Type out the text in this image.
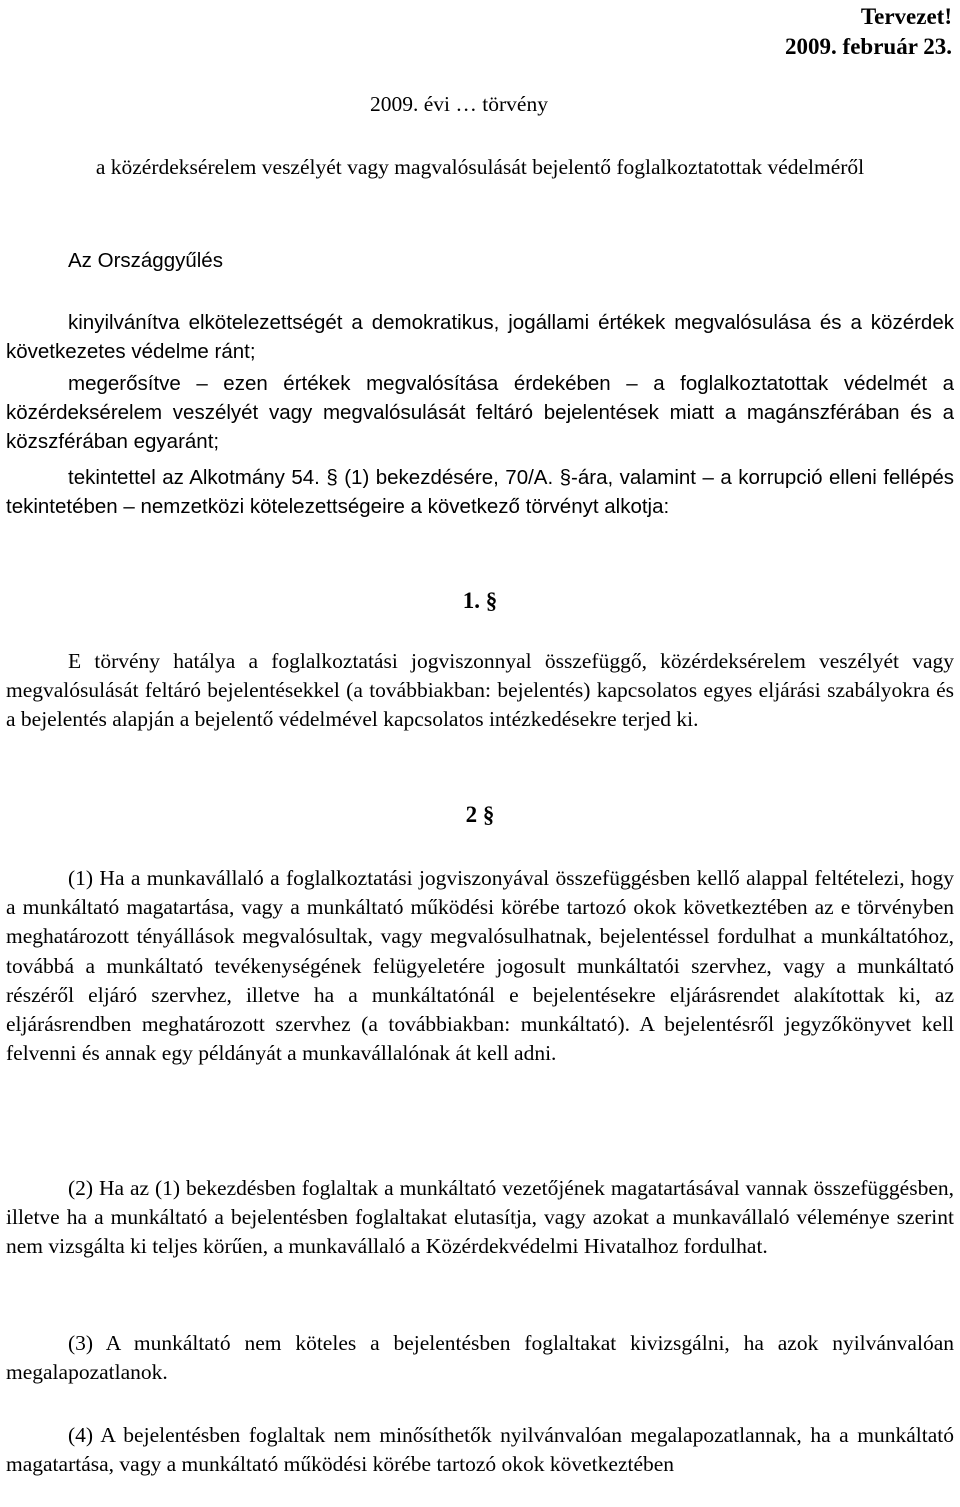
Tervezet!
2009. február 23.
2009. évi … törvény

a közérdeksérelem veszélyét vagy magvalósulását bejelentő foglalkoztatottak védelméről

Az Országgyűlés

kinyilvánítva elkötelezettségét a demokratikus, jogállami értékek megvalósulása és a közérdek következetes védelme ránt;

megerősítve – ezen értékek megvalósítása érdekében – a foglalkoztatottak védelmét a közérdeksérelem veszélyét vagy megvalósulását feltáró bejelentések miatt a magánszférában és a közszférában egyaránt;

tekintettel az Alkotmány 54. § (1) bekezdésére, 70/A. §-ára, valamint – a korrupció elleni fellépés tekintetében – nemzetközi kötelezettségeire a következő törvényt alkotja:

1. §

E törvény hatálya a foglalkoztatási jogviszonnyal összefüggő, közérdeksérelem veszélyét vagy megvalósulását feltáró bejelentésekkel (a továbbiakban: bejelentés) kapcsolatos egyes eljárási szabályokra és a bejelentés alapján a bejelentő védelmével kapcsolatos intézkedésekre terjed ki.

2 §

(1) Ha a munkavállaló a foglalkoztatási jogviszonyával összefüggésben kellő alappal feltételezi, hogy a munkáltató magatartása, vagy a munkáltató működési körébe tartozó okok következtében az e törvényben meghatározott tényállások megvalósultak, vagy megvalósulhatnak, bejelentéssel fordulhat a munkáltatóhoz, továbbá a munkáltató tevékenységének felügyeletére jogosult munkáltatói szervhez, vagy a munkáltató részéről eljáró szervhez, illetve ha a munkáltatónál e bejelentésekre eljárásrendet alakítottak ki, az eljárásrendben meghatározott szervhez (a továbbiakban: munkáltató). A bejelentésről jegyzőkönyvet kell felvenni és annak egy példányát a munkavállalónak át kell adni.

(2) Ha az (1) bekezdésben foglaltak a munkáltató vezetőjének magatartásával vannak összefüggésben, illetve ha a munkáltató a bejelentésben foglaltakat elutasítja, vagy azokat a munkavállaló véleménye szerint nem vizsgálta ki teljes körűen, a munkavállaló a Közérdekvédelmi Hivatalhoz fordulhat.

(3) A munkáltató nem köteles a bejelentésben foglaltakat kivizsgálni, ha azok nyilvánvalóan megalapozatlanok.

(4) A bejelentésben foglaltak nem minősíthetők nyilvánvalóan megalapozatlannak, ha a munkáltató magatartása, vagy a munkáltató működési körébe tartozó okok következtében
